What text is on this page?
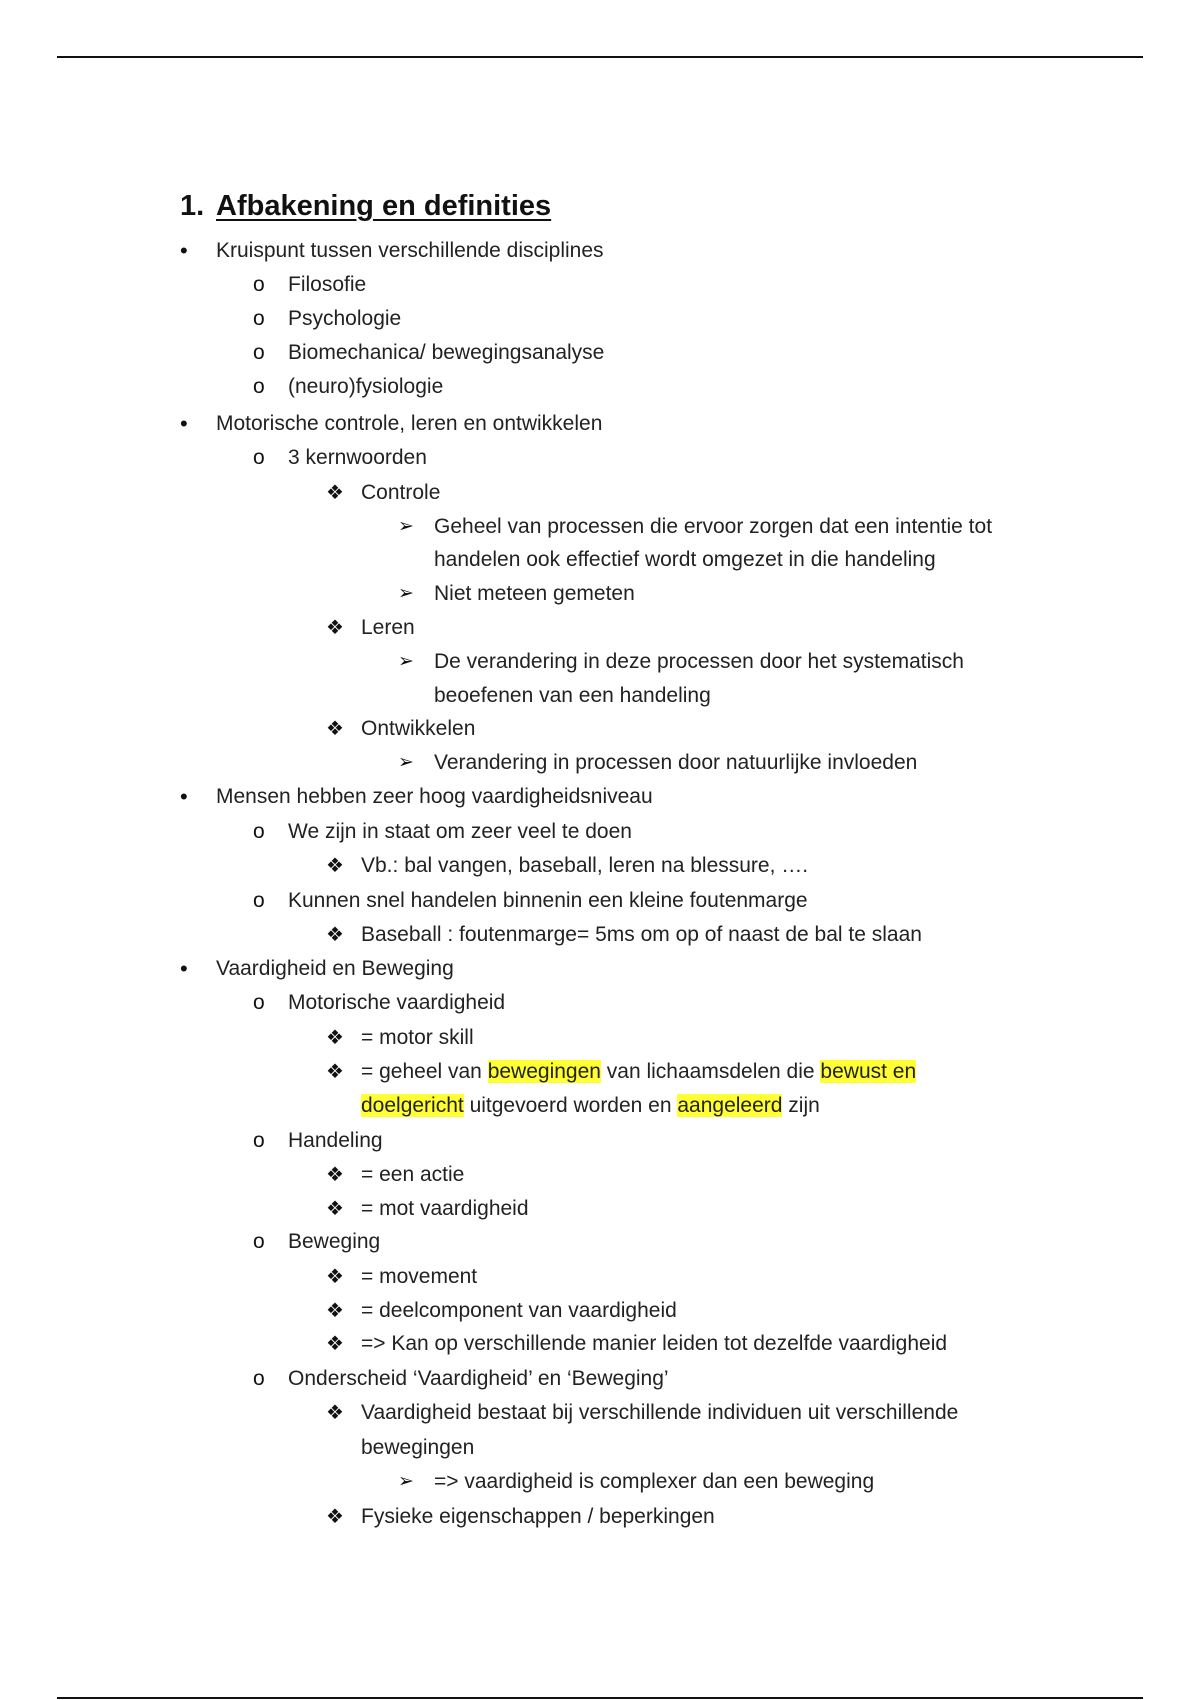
1. Afbakening en definities
• Kruispunt tussen verschillende disciplines
o Filosofie
o Psychologie
o Biomechanica/ bewegingsanalyse
o (neuro)fysiologie
• Motorische controle, leren en ontwikkelen
o 3 kernwoorden
❖ Controle
➢ Geheel van processen die ervoor zorgen dat een intentie tot
handelen ook effectief wordt omgezet in die handeling
➢ Niet meteen gemeten
❖ Leren
➢ De verandering in deze processen door het systematisch
beoefenen van een handeling
❖ Ontwikkelen
➢ Verandering in processen door natuurlijke invloeden
• Mensen hebben zeer hoog vaardigheidsniveau
o We zijn in staat om zeer veel te doen
❖ Vb.: bal vangen, baseball, leren na blessure, ….
o Kunnen snel handelen binnenin een kleine foutenmarge
❖ Baseball : foutenmarge= 5ms om op of naast de bal te slaan
• Vaardigheid en Beweging
o Motorische vaardigheid
❖ = motor skill
❖ = geheel van bewegingen van lichaamsdelen die bewust en
doelgericht uitgevoerd worden en aangeleerd zijn
o Handeling
❖ = een actie
❖ = mot vaardigheid
o Beweging
❖ = movement
❖ = deelcomponent van vaardigheid
❖ => Kan op verschillende manier leiden tot dezelfde vaardigheid
o Onderscheid ‘Vaardigheid’ en ‘Beweging’
❖ Vaardigheid bestaat bij verschillende individuen uit verschillende
bewegingen
➢ => vaardigheid is complexer dan een beweging
❖ Fysieke eigenschappen / beperkingen
